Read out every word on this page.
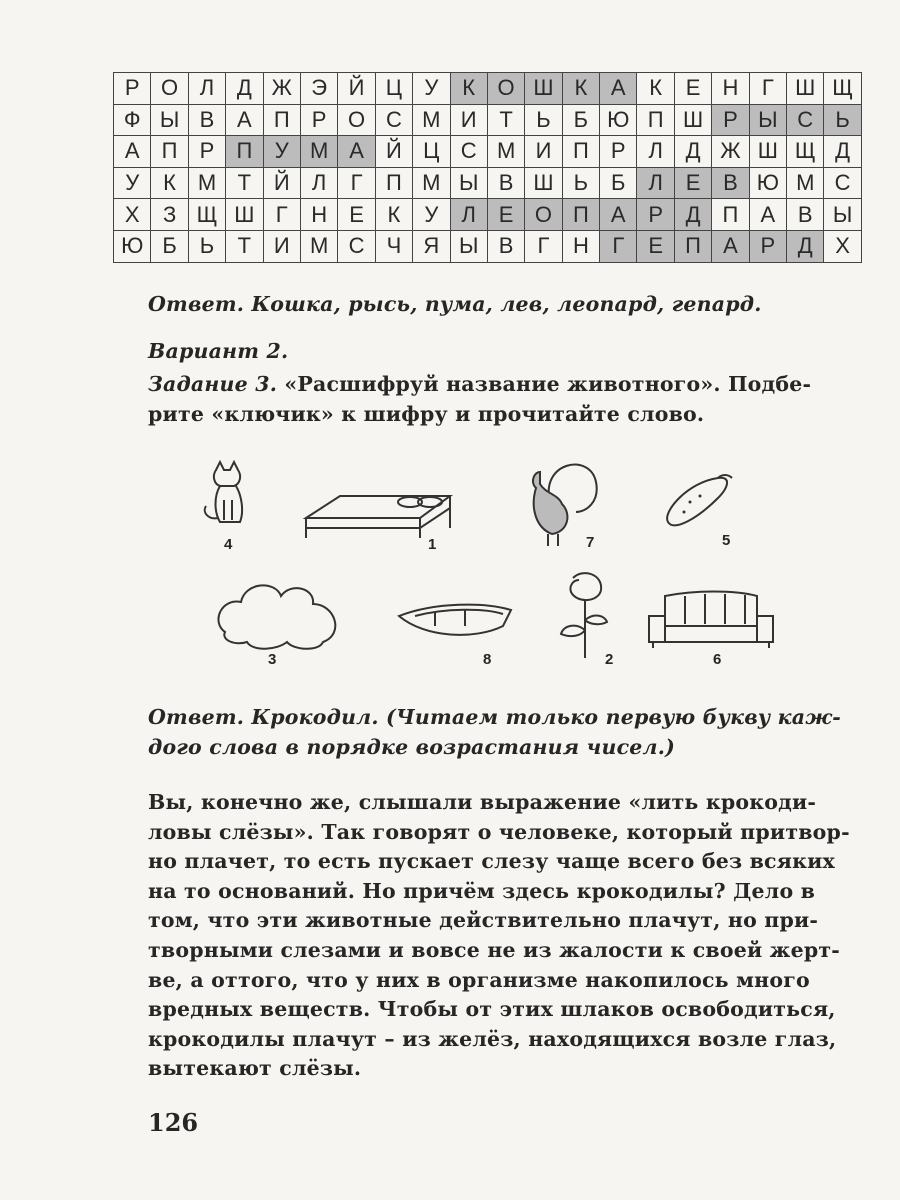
Р	О	Л	Д	Ж	Э	Й	Ц	У	К	О	Ш	К	А	К	Е	Н	Г	Ш	Щ
Ф	Ы	В	А	П	Р	О	С	М	И	Т	Ь	Б	Ю	П	Ш	Р	Ы	С	Ь
А	П	Р	П	У	М	А	Й	Ц	С	М	И	П	Р	Л	Д	Ж	Ш	Щ	Д
У	К	М	Т	Й	Л	Г	П	М	Ы	В	Ш	Ь	Б	Л	Е	В	Ю	М	С
Х	З	Щ	Ш	Г	Н	Е	К	У	Л	Е	О	П	А	Р	Д	П	А	В	Ы
Ю	Б	Ь	Т	И	М	С	Ч	Я	Ы	В	Г	Н	Г	Е	П	А	Р	Д	Х
Ответ. Кошка, рысь, пума, лев, леопард, гепард.
Вариант 2.
Задание 3. «Расшифруй название животного». Подбе-
рите «ключик» к шифру и прочитайте слово.
4	1	7	5
3	8	2	6
Ответ. Крокодил. (Читаем только первую букву каж-
дого слова в порядке возрастания чисел.)
Вы, конечно же, слышали выражение «лить крокоди-
ловы слёзы». Так говорят о человеке, который притвор-
но плачет, то есть пускает слезу чаще всего без всяких
на то оснований. Но причём здесь крокодилы? Дело в
том, что эти животные действительно плачут, но при-
творными слезами и вовсе не из жалости к своей жерт-
ве, а оттого, что у них в организме накопилось много
вредных веществ. Чтобы от этих шлаков освободиться,
крокодилы плачут – из желёз, находящихся возле глаз,
вытекают слёзы.
126
